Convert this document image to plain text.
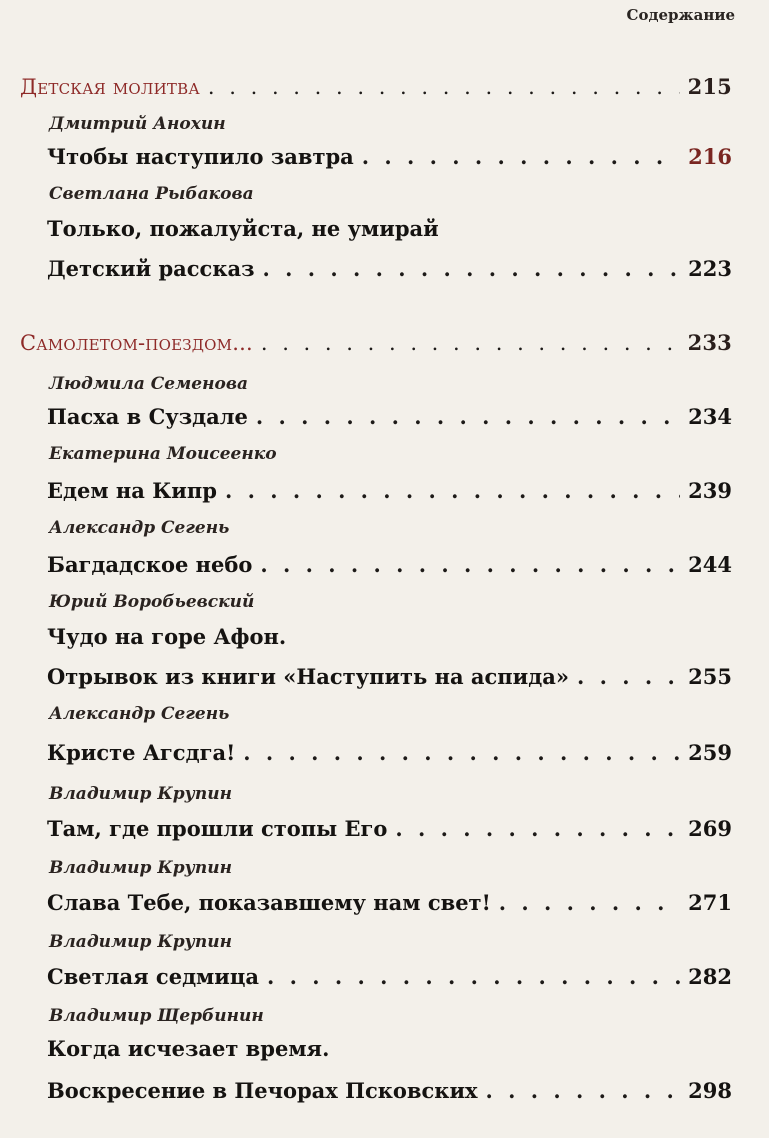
Содержание
Детская молитва . . .	215
Дмитрий Анохин
Чтобы наступило завтра . . .	216
Светлана Рыбакова
Только, пожалуйста, не умирай
Детский рассказ . . .	223
Самолетом-поездом... . . .	233
Людмила Семенова
Пасха в Суздале . . .	234
Екатерина Моисеенко
Едем на Кипр . . .	239
Александр Сегень
Багдадское небо . . .	244
Юрий Воробьевский
Чудо на горе Афон.
Отрывок из книги «Наступить на аспида» . . .	255
Александр Сегень
Кристе Агсдга! . . .	259
Владимир Крупин
Там, где прошли стопы Его . . .	269
Владимир Крупин
Слава Тебе, показавшему нам свет! . . .	271
Владимир Крупин
Светлая седмица . . .	282
Владимир Щербинин
Когда исчезает время.
Воскресение в Печорах Псковских . . .	298
